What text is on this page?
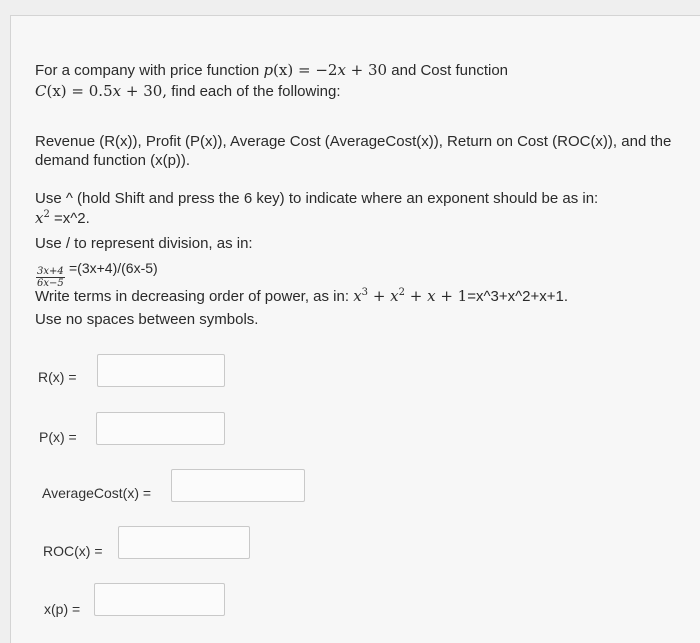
For a company with price function p(x) = −2x + 30 and Cost function
C(x) = 0.5x + 30, find each of the following:
Revenue (R(x)), Profit (P(x)), Average Cost (AverageCost(x)), Return on Cost (ROC(x)), and the
demand function (x(p)).
Use ^ (hold Shift and press the 6 key) to indicate where an exponent should be as in:
$x^2$ =x^2.
Use / to represent division, as in:
$\frac{3x+4}{6x-5} =(3x+4)/(6x-5)$
Write terms in decreasing order of power, as in: $x^3 + x^2 + x$ + 1=x^3+x^2+x+1.
Use no spaces between symbols.
R(x) =
P(x) =
AverageCost(x) =
ROC(x) =
x(p) =
